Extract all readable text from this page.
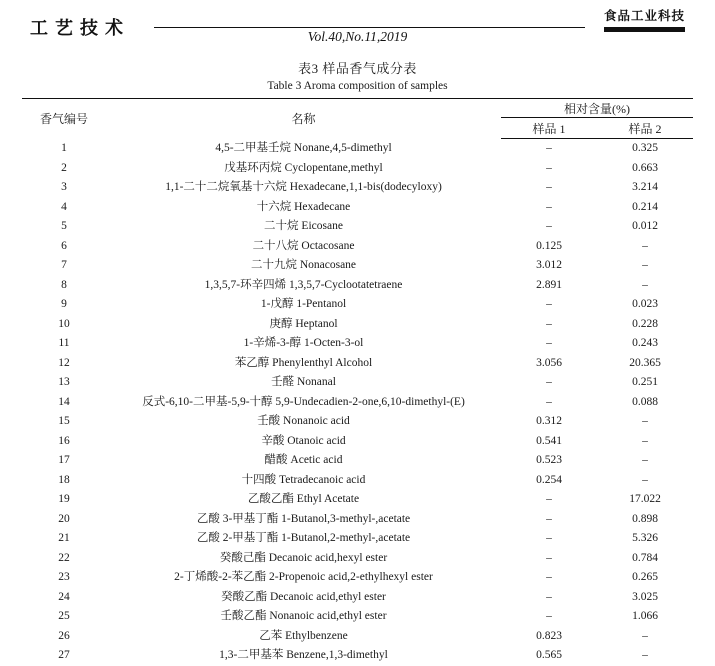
工艺技术	Vol.40,No.11,2019
食品工业科技
表3 样品香气成分表
Table 3 Aroma composition of samples
香气编号	名称	相对含量(%)	
		样品 1	样品 2
1	4,5-二甲基壬烷 Nonane,4,5-dimethyl	–	0.325
2	戊基环丙烷 Cyclopentane,methyl	–	0.663
3	1,1-二十二烷氧基十六烷 Hexadecane,1,1-bis(dodecyloxy)	–	3.214
4	十六烷 Hexadecane	–	0.214
5	二十烷 Eicosane	–	0.012
6	二十八烷 Octacosane	0.125	–
7	二十九烷 Nonacosane	3.012	–
8	1,3,5,7-环辛四烯 1,3,5,7-Cyclootatetraene	2.891	–
9	1-戊醇 1-Pentanol	–	0.023
10	庚醇 Heptanol	–	0.228
11	1-辛烯-3-醇 1-Octen-3-ol	–	0.243
12	苯乙醇 Phenylenthyl Alcohol	3.056	20.365
13	壬醛 Nonanal	–	0.251
14	反式-6,10-二甲基-5,9-十醇 5,9-Undecadien-2-one,6,10-dimethyl-(E)	–	0.088
15	壬酸 Nonanoic acid	0.312	–
16	辛酸 Otanoic acid	0.541	–
17	醋酸 Acetic acid	0.523	–
18	十四酸 Tetradecanoic acid	0.254	–
19	乙酸乙酯 Ethyl Acetate	–	17.022
20	乙酸 3-甲基丁酯 1-Butanol,3-methyl-,acetate	–	0.898
21	乙酸 2-甲基丁酯 1-Butanol,2-methyl-,acetate	–	5.326
22	癸酸己酯 Decanoic acid,hexyl ester	–	0.784
23	2-丁烯酸-2-苯乙酯 2-Propenoic acid,2-ethylhexyl ester	–	0.265
24	癸酸乙酯 Decanoic acid,ethyl ester	–	3.025
25	壬酸乙酯 Nonanoic acid,ethyl ester	–	1.066
26	乙苯 Ethylbenzene	0.823	–
27	1,3-二甲基苯 Benzene,1,3-dimethyl	0.565	–
